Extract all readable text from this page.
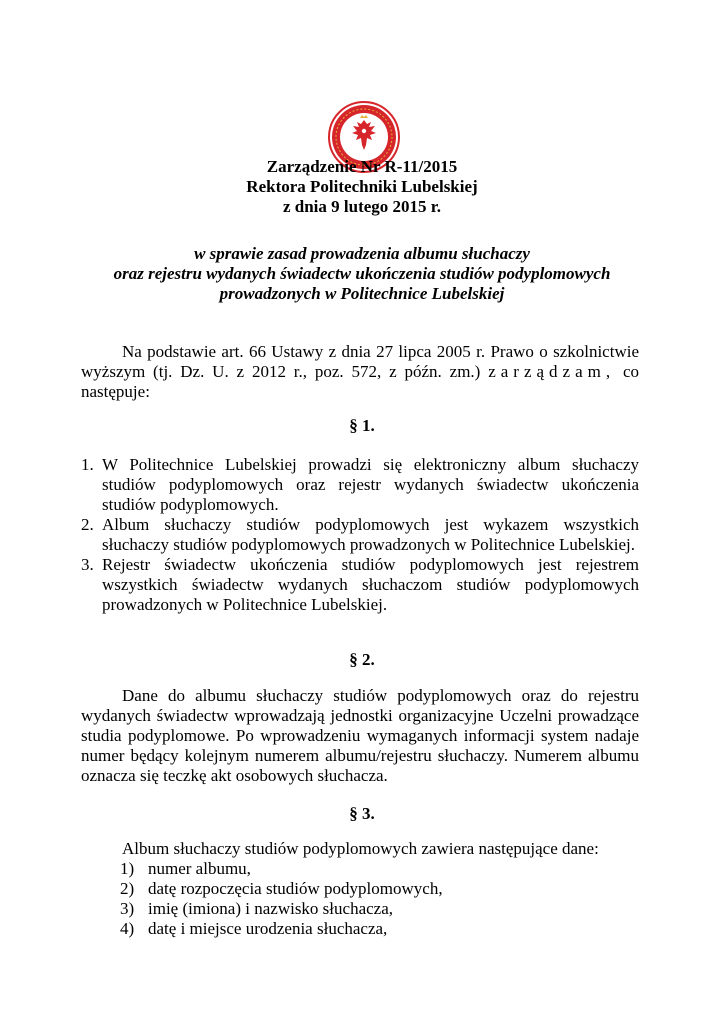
Zarządzenie Nr R-11/2015
Rektora Politechniki Lubelskiej
z dnia 9 lutego 2015 r.
w sprawie zasad prowadzenia albumu słuchaczy
oraz rejestru wydanych świadectw ukończenia studiów podyplomowych
prowadzonych w Politechnice Lubelskiej
Na podstawie art. 66 Ustawy z dnia 27 lipca 2005 r. Prawo o szkolnictwie wyższym (tj. Dz. U. z 2012 r., poz. 572, z późn. zm.) zarządzam, co następuje:
§ 1.
1. W Politechnice Lubelskiej prowadzi się elektroniczny album słuchaczy studiów podyplomowych oraz rejestr wydanych świadectw ukończenia studiów podyplomowych.
2. Album słuchaczy studiów podyplomowych jest wykazem wszystkich słuchaczy studiów podyplomowych prowadzonych w Politechnice Lubelskiej.
3. Rejestr świadectw ukończenia studiów podyplomowych jest rejestrem wszystkich świadectw wydanych słuchaczom studiów podyplomowych prowadzonych w Politechnice Lubelskiej.
§ 2.
Dane do albumu słuchaczy studiów podyplomowych oraz do rejestru wydanych świadectw wprowadzają jednostki organizacyjne Uczelni prowadzące studia podyplomowe. Po wprowadzeniu wymaganych informacji system nadaje numer będący kolejnym numerem albumu/rejestru słuchaczy. Numerem albumu oznacza się teczkę akt osobowych słuchacza.
§ 3.
Album słuchaczy studiów podyplomowych zawiera następujące dane:
1) numer albumu,
2) datę rozpoczęcia studiów podyplomowych,
3) imię (imiona) i nazwisko słuchacza,
4) datę i miejsce urodzenia słuchacza,
